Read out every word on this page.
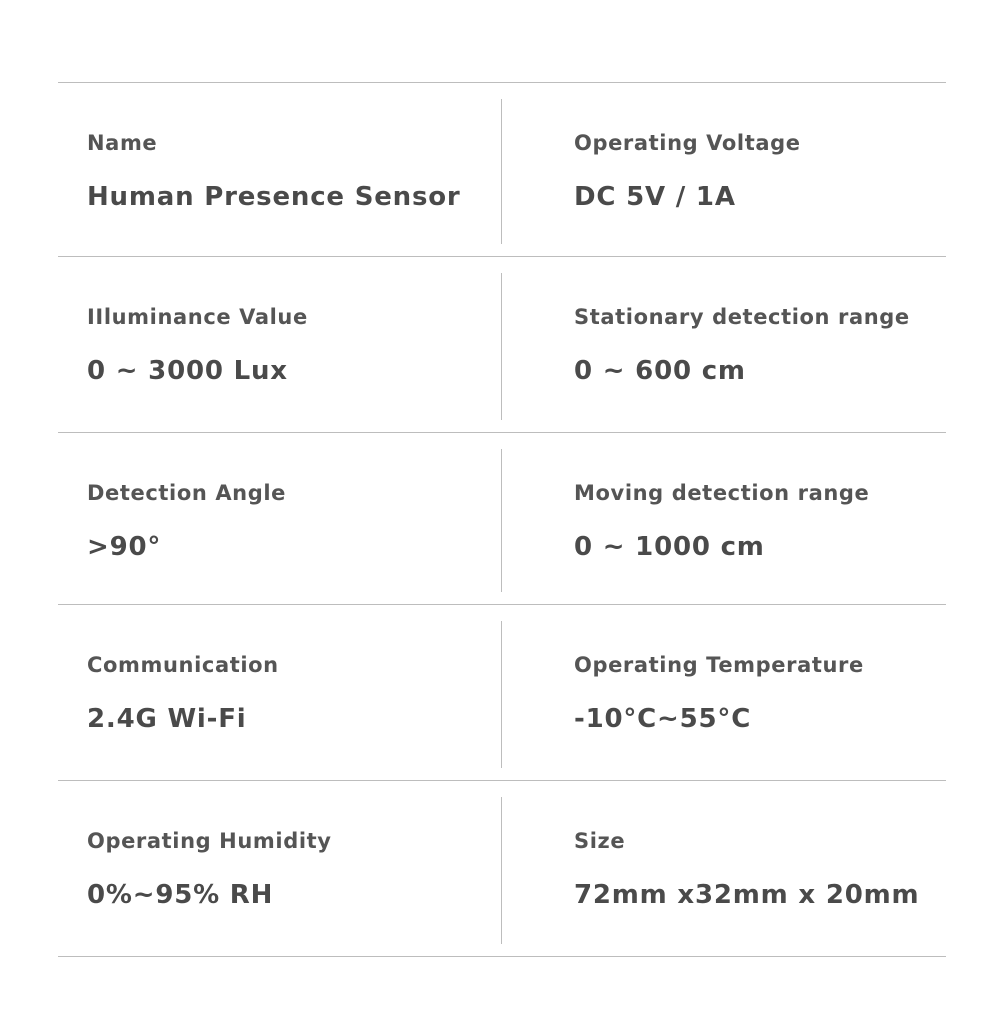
Name
Human Presence Sensor
Operating Voltage
DC 5V / 1A
IIluminance Value
0 ~ 3000 Lux
Stationary detection range
0 ~ 600 cm
Detection Angle
>90°
Moving detection range
0 ~ 1000 cm
Communication
2.4G Wi-Fi
Operating Temperature
-10°C~55°C
Operating Humidity
0%~95% RH
Size
72mm x32mm x 20mm
